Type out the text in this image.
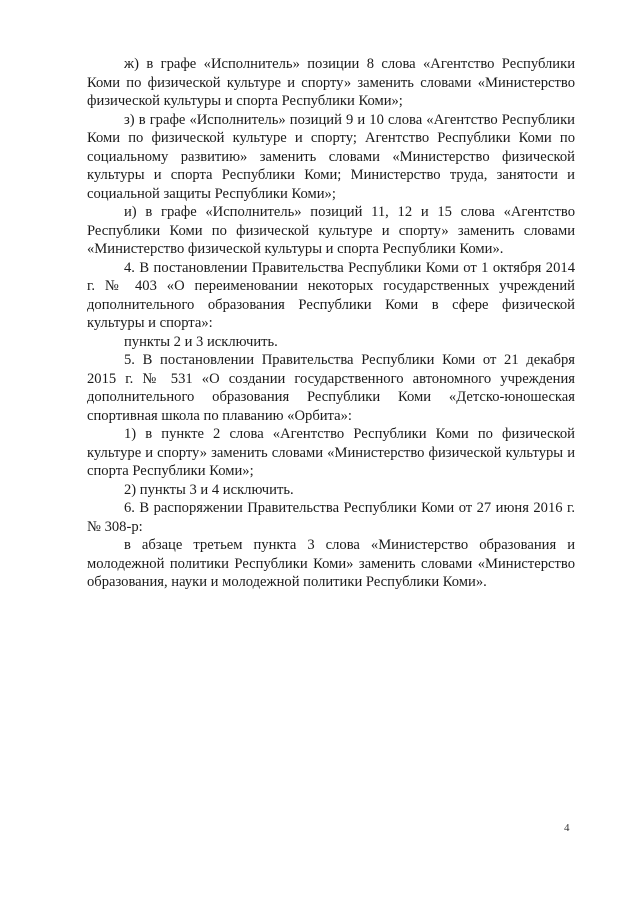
ж) в графе «Исполнитель» позиции 8 слова «Агентство Республики Коми по физической культуре и спорту» заменить словами «Министерство физической культуры и спорта Республики Коми»;

з) в графе «Исполнитель» позиций 9 и 10 слова «Агентство Республики Коми по физической культуре и спорту; Агентство Республики Коми по социальному развитию» заменить словами «Министерство физической культуры и спорта Республики Коми; Министерство труда, занятости и социальной защиты Республики Коми»;

и) в графе «Исполнитель» позиций 11, 12 и 15 слова «Агентство Республики Коми по физической культуре и спорту» заменить словами «Министерство физической культуры и спорта Республики Коми».

4. В постановлении Правительства Республики Коми от 1 октября 2014 г. № 403 «О переименовании некоторых государственных учреждений дополнительного образования Республики Коми в сфере физической культуры и спорта»:

пункты 2 и 3 исключить.

5. В постановлении Правительства Республики Коми от 21 декабря 2015 г. № 531 «О создании государственного автономного учреждения дополнительного образования Республики Коми «Детско-юношеская спортивная школа по плаванию «Орбита»:

1) в пункте 2 слова «Агентство Республики Коми по физической культуре и спорту» заменить словами «Министерство физической культуры и спорта Республики Коми»;

2) пункты 3 и 4 исключить.

6. В распоряжении Правительства Республики Коми от 27 июня 2016 г. № 308-р:

в абзаце третьем пункта 3 слова «Министерство образования и молодежной политики Республики Коми» заменить словами «Министерство образования, науки и молодежной политики Республики Коми».

4
